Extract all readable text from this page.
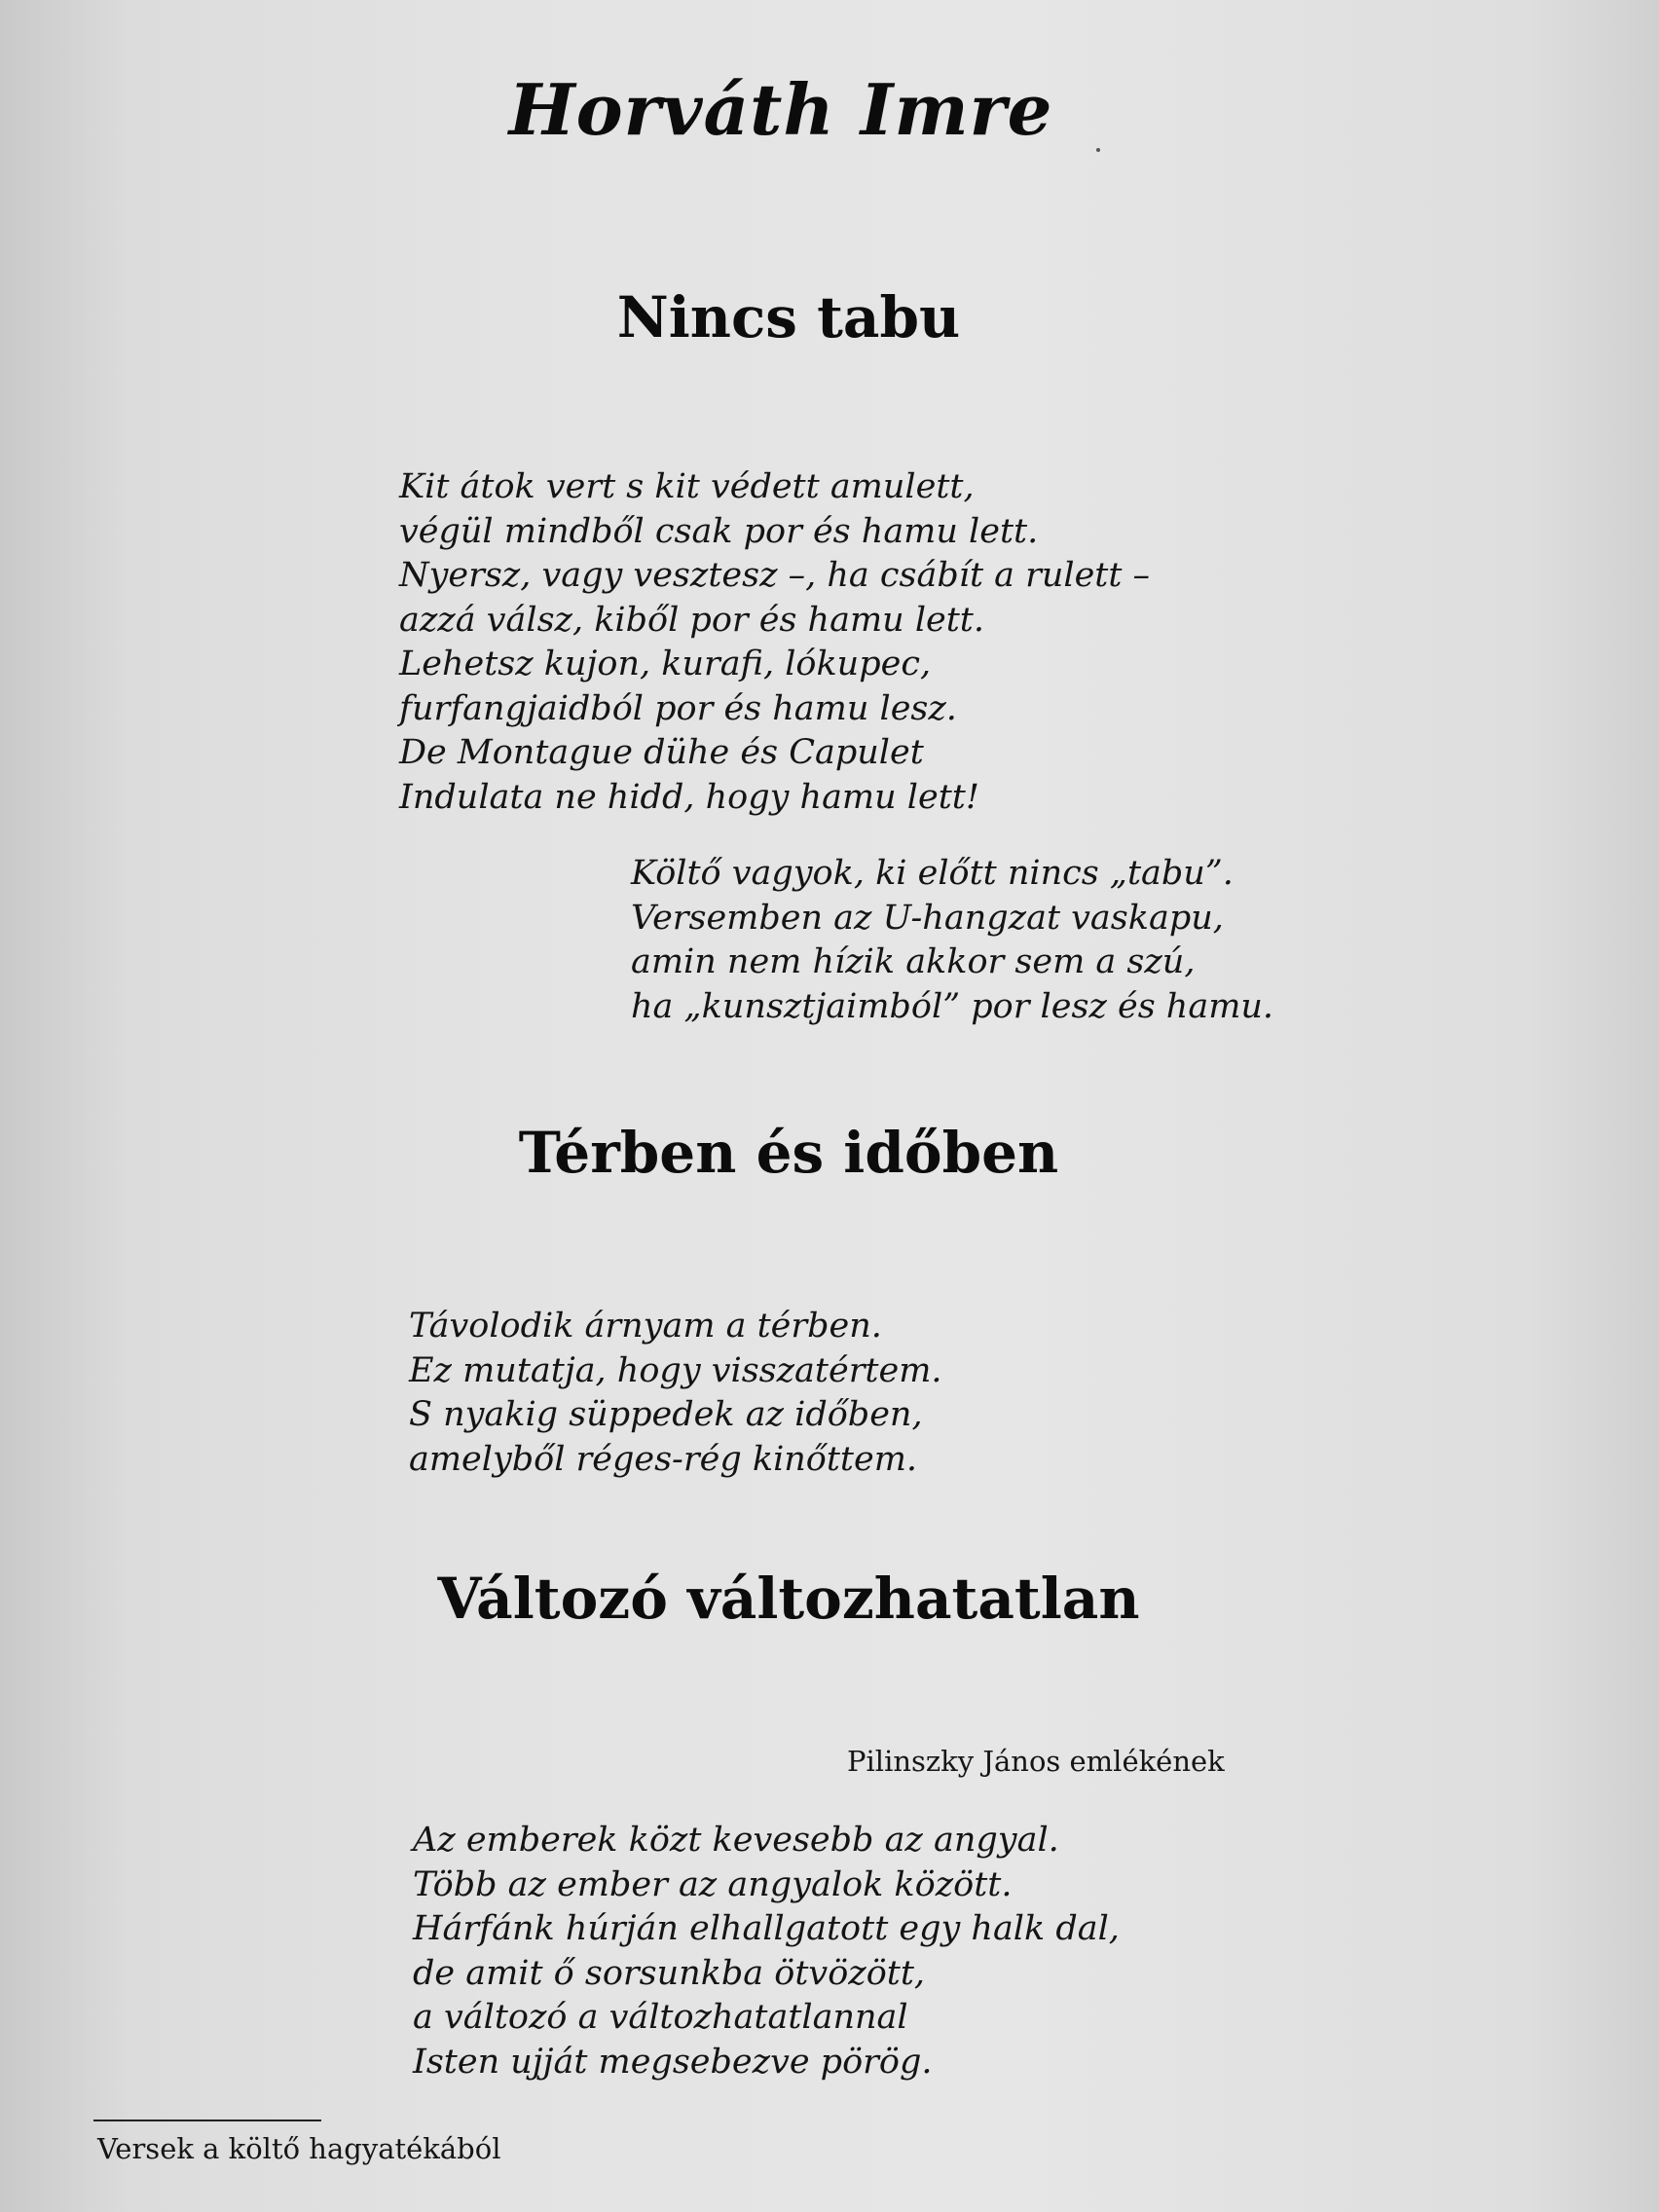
Horváth Imre
Nincs tabu
Kit átok vert s kit védett amulett,
végül mindből csak por és hamu lett.
Nyersz, vagy vesztesz –, ha csábít a rulett –
azzá válsz, kiből por és hamu lett.
Lehetsz kujon, kurafi, lókupec,
furfangjaidból por és hamu lesz.
De Montague dühe és Capulet
Indulata ne hidd, hogy hamu lett!
Költő vagyok, ki előtt nincs „tabu”.
Versemben az U-hangzat vaskapu,
amin nem hízik akkor sem a szú,
ha „kunsztjaimból” por lesz és hamu.
Térben és időben
Távolodik árnyam a térben.
Ez mutatja, hogy visszatértem.
S nyakig süppedek az időben,
amelyből réges-rég kinőttem.
Változó változhatatlan
Pilinszky János emlékének
Az emberek közt kevesebb az angyal.
Több az ember az angyalok között.
Hárfánk húrján elhallgatott egy halk dal,
de amit ő sorsunkba ötvözött,
a változó a változhatatlannal
Isten ujját megsebezve pörög.
Versek a költő hagyatékából
